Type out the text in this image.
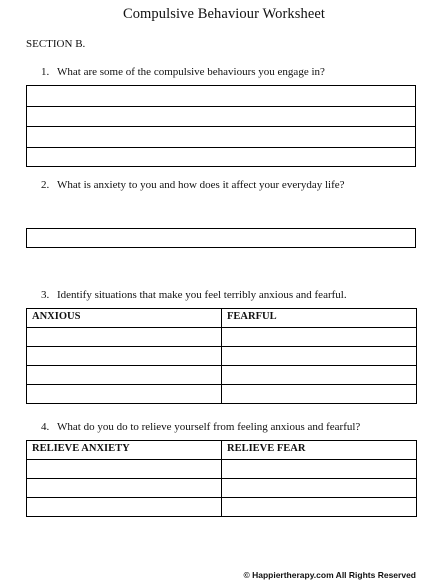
Compulsive Behaviour Worksheet
SECTION B.
1. What are some of the compulsive behaviours you engage in?
2. What is anxiety to you and how does it affect your everyday life?
3. Identify situations that make you feel terribly anxious and fearful.
ANXIOUS	FEARFUL

4. What do you do to relieve yourself from feeling anxious and fearful?
RELIEVE ANXIETY	RELIEVE FEAR

© Happiertherapy.com All Rights Reserved
